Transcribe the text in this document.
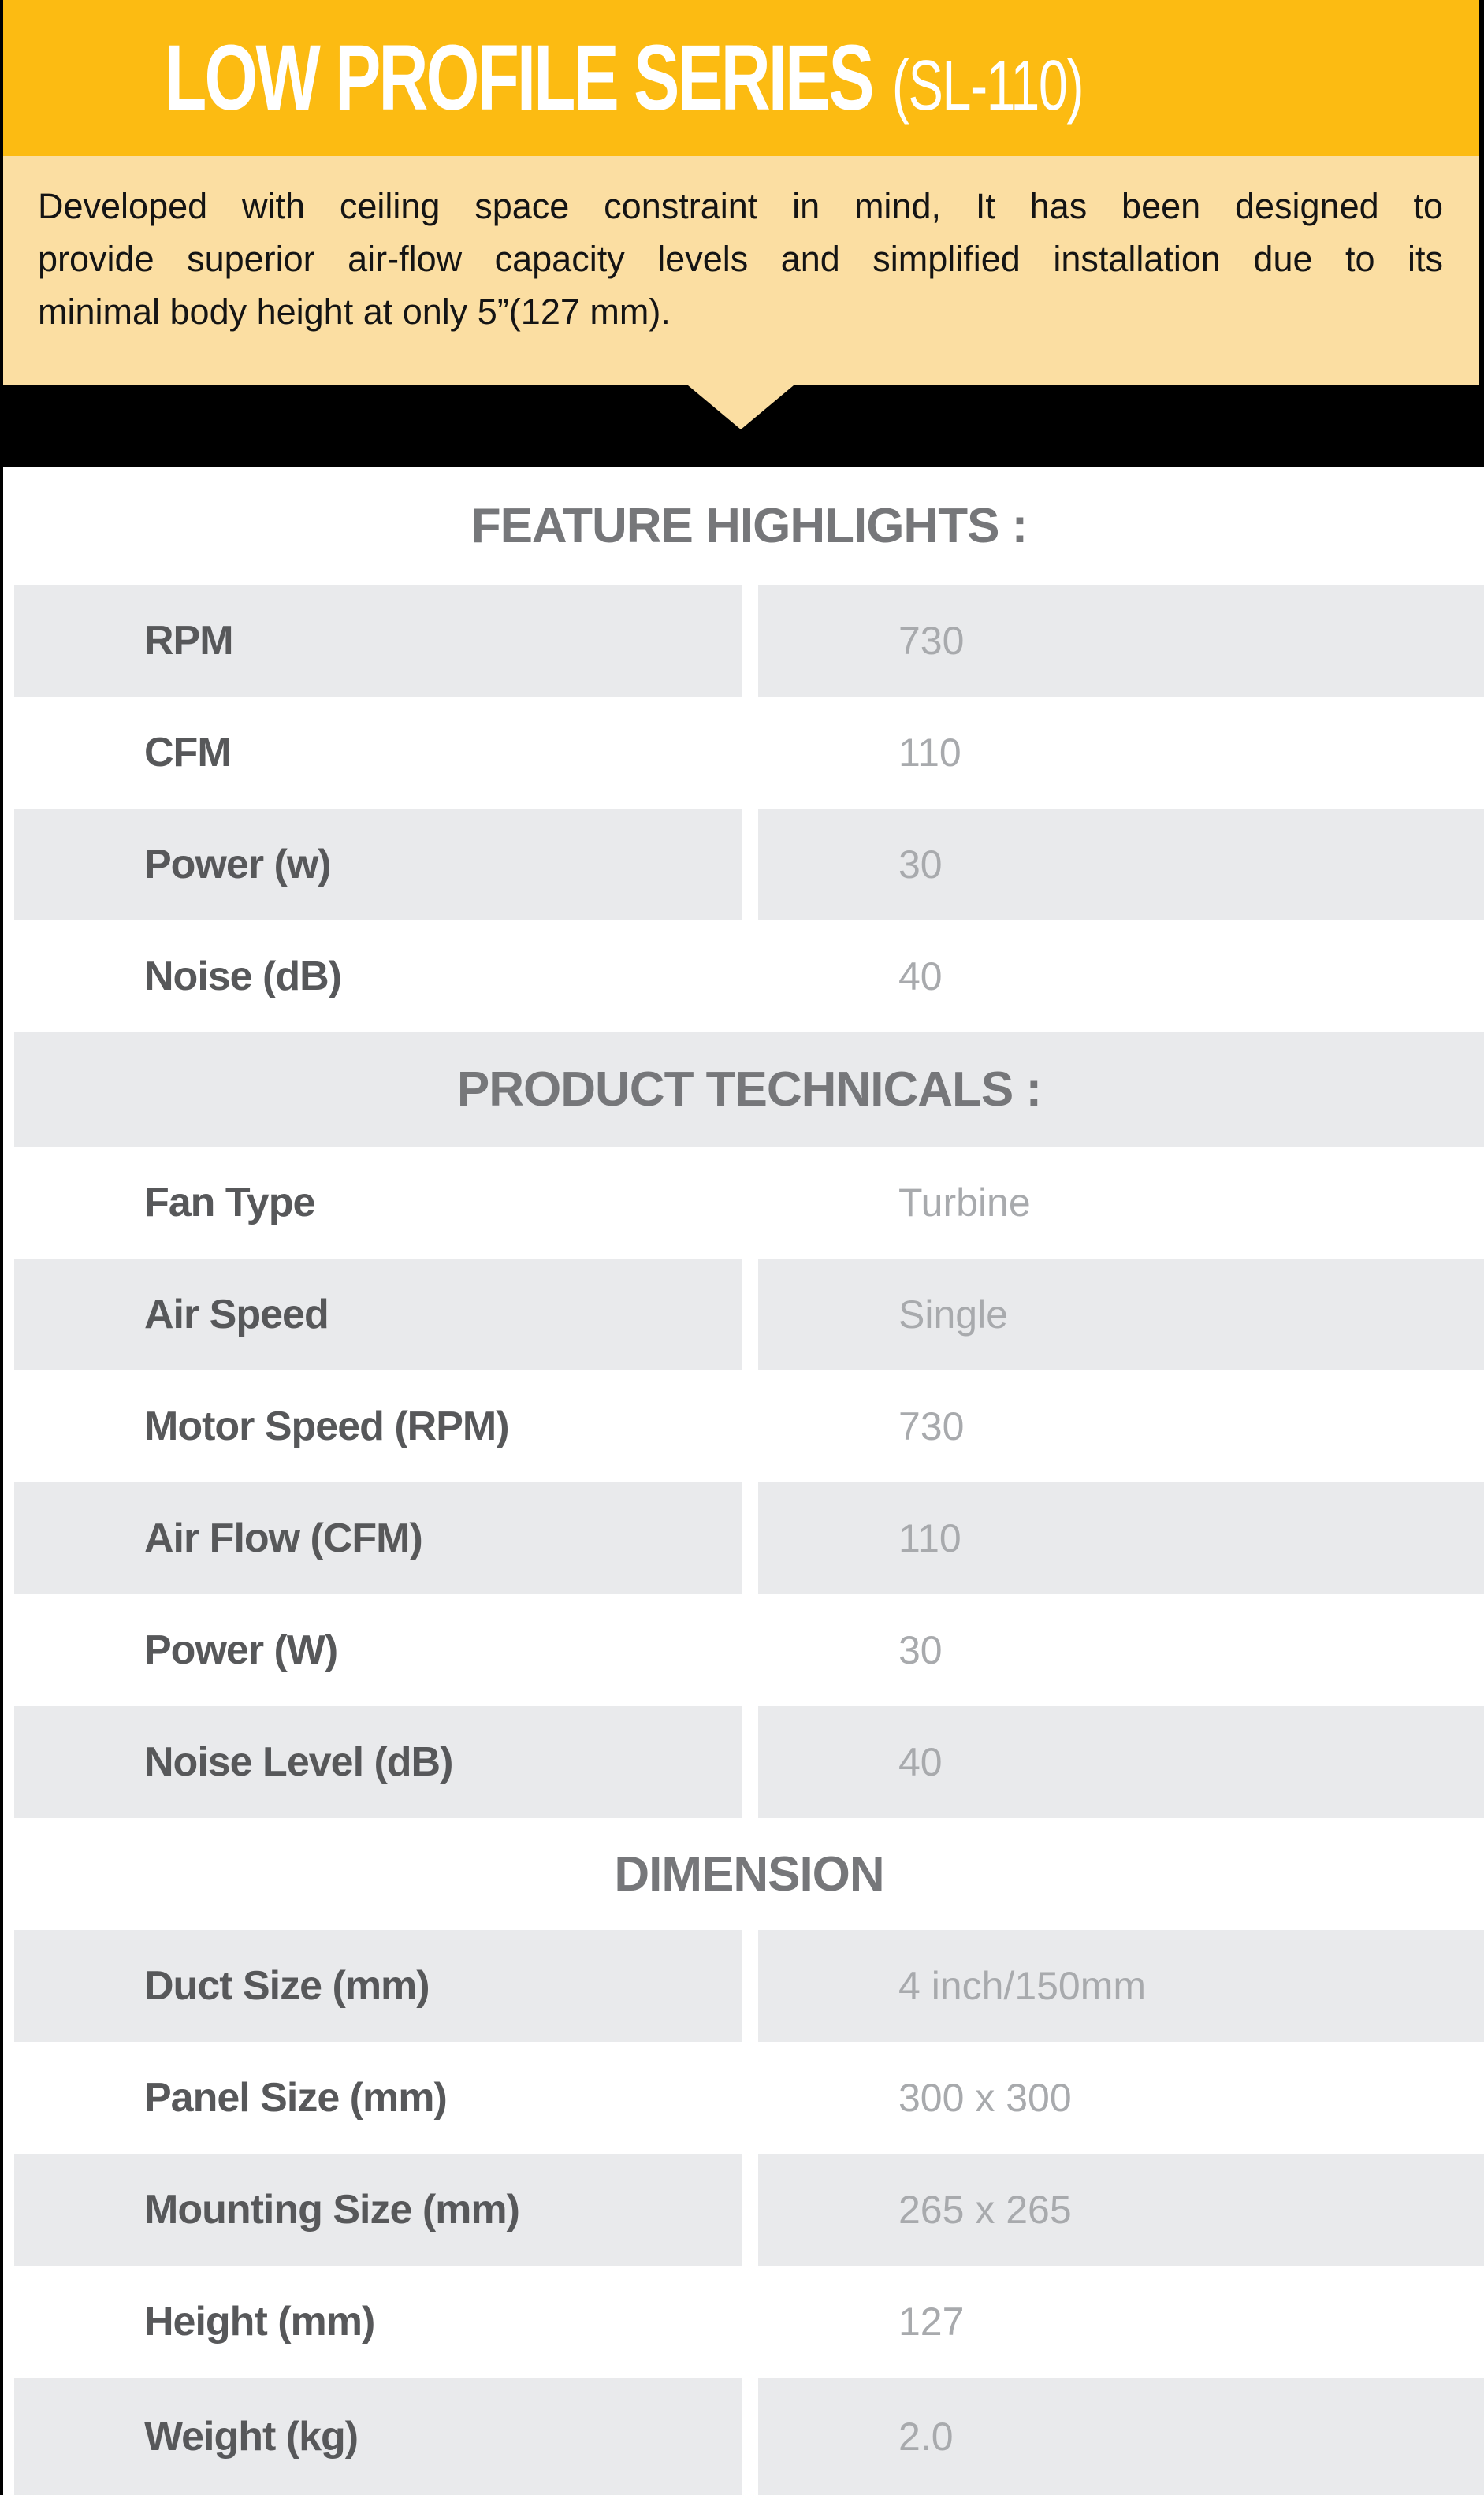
LOW PROFILE SERIES (SL-110)
Developed with ceiling space constraint in mind, It has been designed to
provide superior air-flow capacity levels and simplified installation due to its
minimal body height at only 5”(127 mm).
FEATURE HIGHLIGHTS :
RPM	730
CFM	110
Power (w)	30
Noise (dB)	40
PRODUCT TECHNICALS :
Fan Type	Turbine
Air Speed	Single
Motor Speed (RPM)	730
Air Flow (CFM)	110
Power (W)	30
Noise Level (dB)	40
DIMENSION
Duct Size (mm)	4 inch/150mm
Panel Size (mm)	300 x 300
Mounting Size (mm)	265 x 265
Height (mm)	127
Weight (kg)	2.0
